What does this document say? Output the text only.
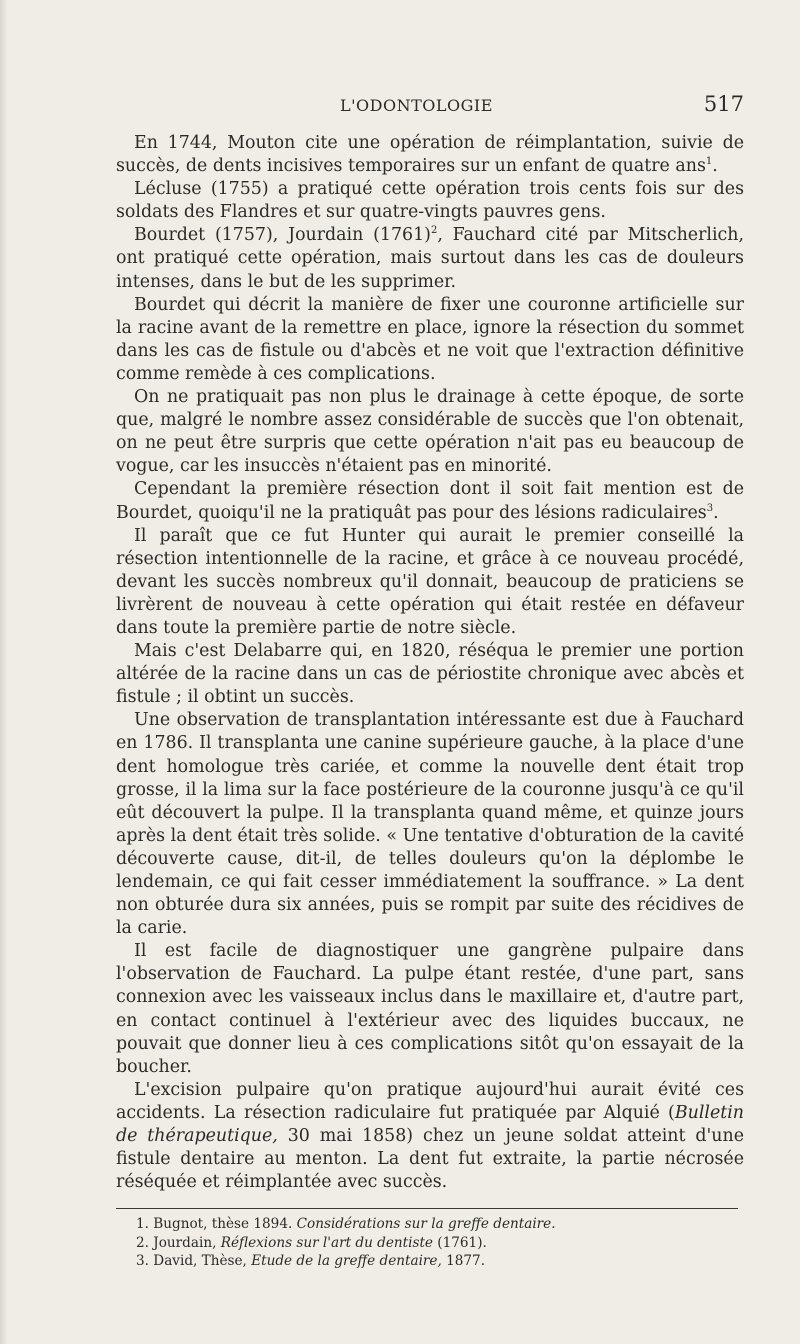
L'ODONTOLOGIE	517

En 1744, Mouton cite une opération de réimplantation, suivie de succès, de dents incisives temporaires sur un enfant de quatre ans$^1$.

Lécluse (1755) a pratiqué cette opération trois cents fois sur des soldats des Flandres et sur quatre-vingts pauvres gens.

Bourdet (1757), Jourdain $(1761)^2$, Fauchard cité par Mitscherlich, ont pratiqué cette opération, mais surtout dans les cas de douleurs intenses, dans le but de les supprimer.

Bourdet qui décrit la manière de fixer une couronne artificielle sur la racine avant de la remettre en place, ignore la résection du sommet dans les cas de fistule ou d'abcès et ne voit que l'extraction définitive comme remède à ces complications.

On ne pratiquait pas non plus le drainage à cette époque, de sorte que, malgré le nombre assez considérable de succès que l'on obtenait, on ne peut être surpris que cette opération n'ait pas eu beaucoup de vogue, car les insuccès n'étaient pas en minorité.

Cependant la première résection dont il soit fait mention est de Bourdet, quoiqu'il ne la pratiquât pas pour des lésions radiculaires$^3$.

Il paraît que ce fut Hunter qui aurait le premier conseillé la résection intentionnelle de la racine, et grâce à ce nouveau procédé, devant les succès nombreux qu'il donnait, beaucoup de praticiens se livrèrent de nouveau à cette opération qui était restée en défaveur dans toute la première partie de notre siècle.

Mais c'est Delabarre qui, en 1820, réséqua le premier une portion altérée de la racine dans un cas de périostite chronique avec abcès et fistule ; il obtint un succès.

Une observation de transplantation intéressante est due à Fauchard en 1786. Il transplanta une canine supérieure gauche, à la place d'une dent homologue très cariée, et comme la nouvelle dent était trop grosse, il la lima sur la face postérieure de la couronne jusqu'à ce qu'il eût découvert la pulpe. Il la transplanta quand même, et quinze jours après la dent était très solide. « Une tentative d'obturation de la cavité découverte cause, dit-il, de telles douleurs qu'on la déplombe le lendemain, ce qui fait cesser immédiatement la souffrance. » La dent non obturée dura six années, puis se rompit par suite des récidives de la carie.

Il est facile de diagnostiquer une gangrène pulpaire dans l'observation de Fauchard. La pulpe étant restée, d'une part, sans connexion avec les vaisseaux inclus dans le maxillaire et, d'autre part, en contact continuel à l'extérieur avec des liquides buccaux, ne pouvait que donner lieu à ces complications sitôt qu'on essayait de la boucher.

L'excision pulpaire qu'on pratique aujourd'hui aurait évité ces accidents. La résection radiculaire fut pratiquée par Alquié (Bulletin de thérapeutique, 30 mai 1858) chez un jeune soldat atteint d'une fistule dentaire au menton. La dent fut extraite, la partie nécrosée réséquée et réimplantée avec succès.

1. Bugnot, thèse 1894. Considérations sur la greffe dentaire.
2. Jourdain, Réflexions sur l'art du dentiste (1761).
3. David, Thèse, Etude de la greffe dentaire, 1877.
